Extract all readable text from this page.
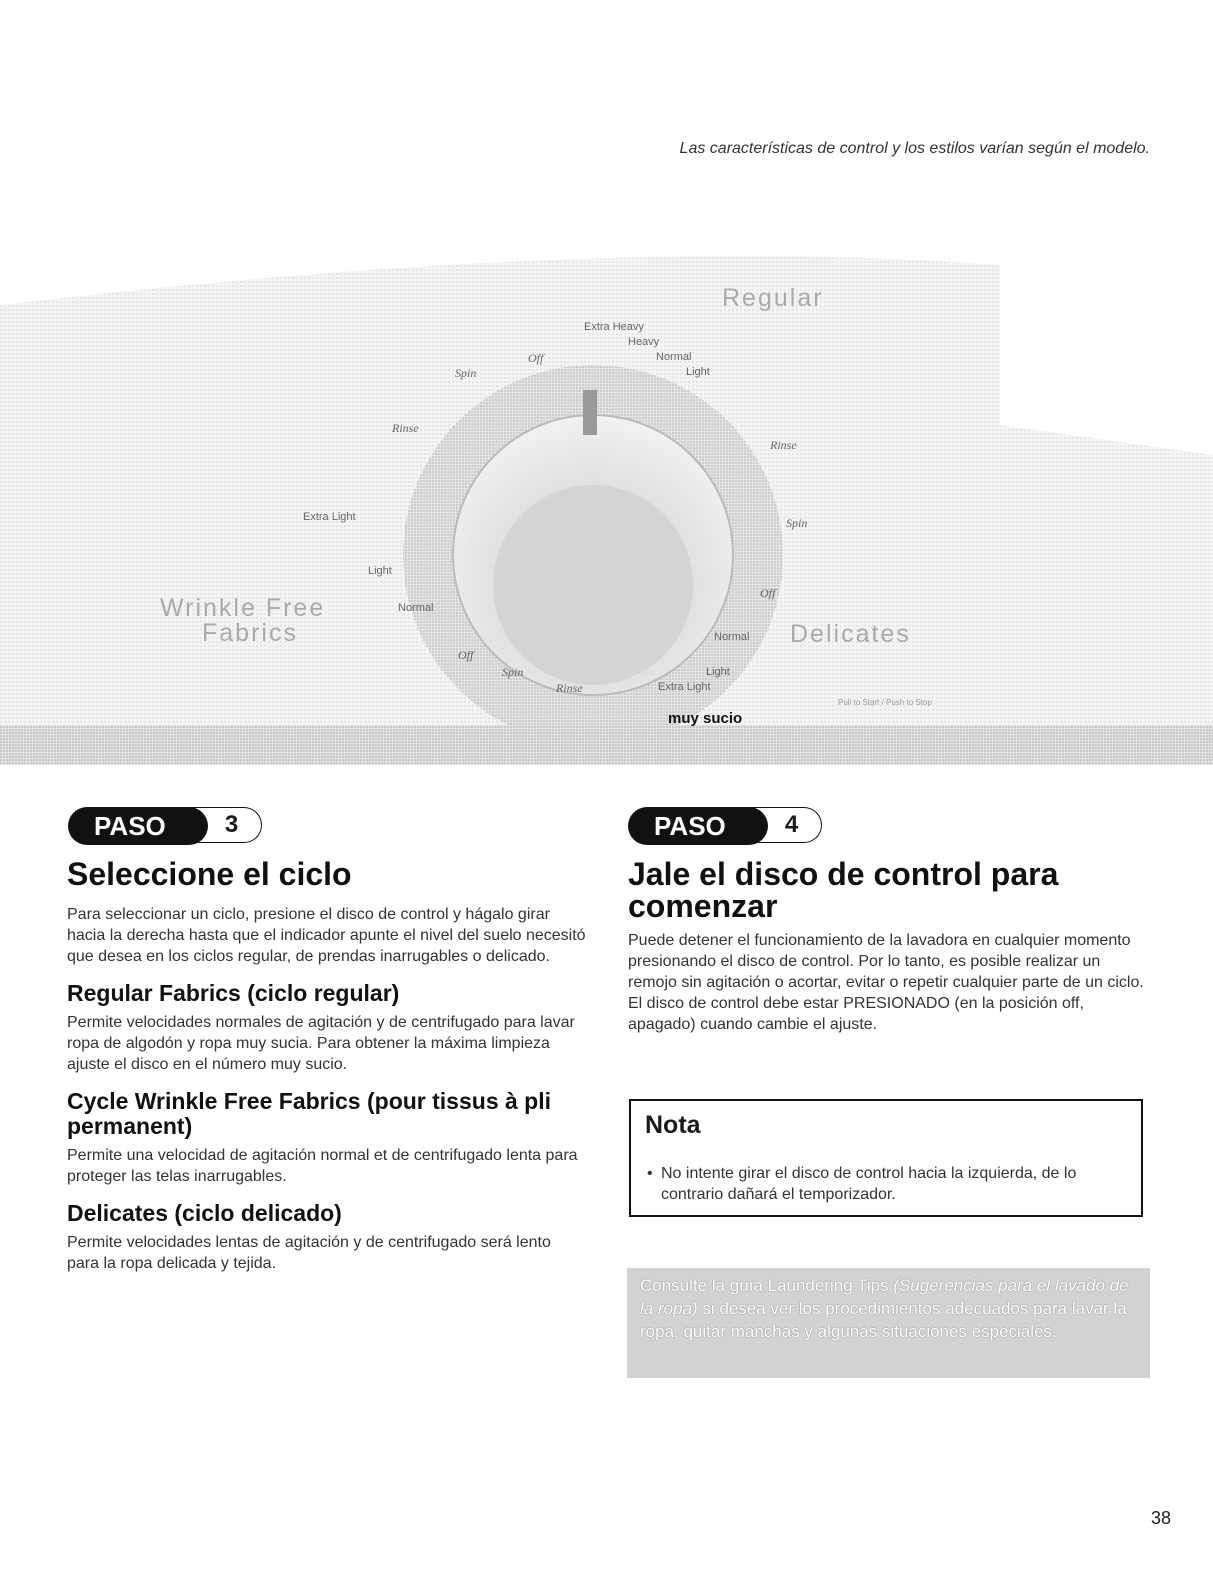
Las características de control y los estilos varían según el modelo.
Regular
Extra Heavy
Heavy
Normal
Light
Off
Spin
Rinse
Rinse
Spin
Off
Extra Light
Light
Normal
Wrinkle Free
Fabrics
Off
Spin
Rinse
Normal
Light
Extra Light
Delicates
Pull to Start / Push to Stop
muy sucio
3
PASO	4
PASO
Seleccione el ciclo

Para seleccionar un ciclo, presione el disco de control y hágalo girar hacia la derecha hasta que el indicador apunte el nivel del suelo necesitó que desea en los ciclos regular, de prendas inarrugables o delicado.

Regular Fabrics (ciclo regular)

Permite velocidades normales de agitación y de centrifugado para lavar ropa de algodón y ropa muy sucia. Para obtener la máxima limpieza ajuste el disco en el número muy sucio.

Cycle Wrinkle Free Fabrics (pour tissus à pli permanent)

Permite una velocidad de agitación normal et de centrifugado lenta para proteger las telas inarrugables.

Delicates (ciclo delicado)

Permite velocidades lentas de agitación y de centrifugado será lento para la ropa delicada y tejida.

Jale el disco de control para comenzar

Puede detener el funcionamiento de la lavadora en cualquier momento presionando el disco de control. Por lo tanto, es posible realizar un remojo sin agitación o acortar, evitar o repetir cualquier parte de un ciclo. El disco de control debe estar PRESIONADO (en la posición off, apagado) cuando cambie el ajuste.

Nota
• No intente girar el disco de control hacia la izquierda, de lo contrario dañará el temporizador.
Consulte la guía Laundering Tips (Sugerencias para el lavado de la ropa) si desea ver los procedimientos adecuados para lavar la ropa, quitar manchas y algunas situaciones especiales.
38
